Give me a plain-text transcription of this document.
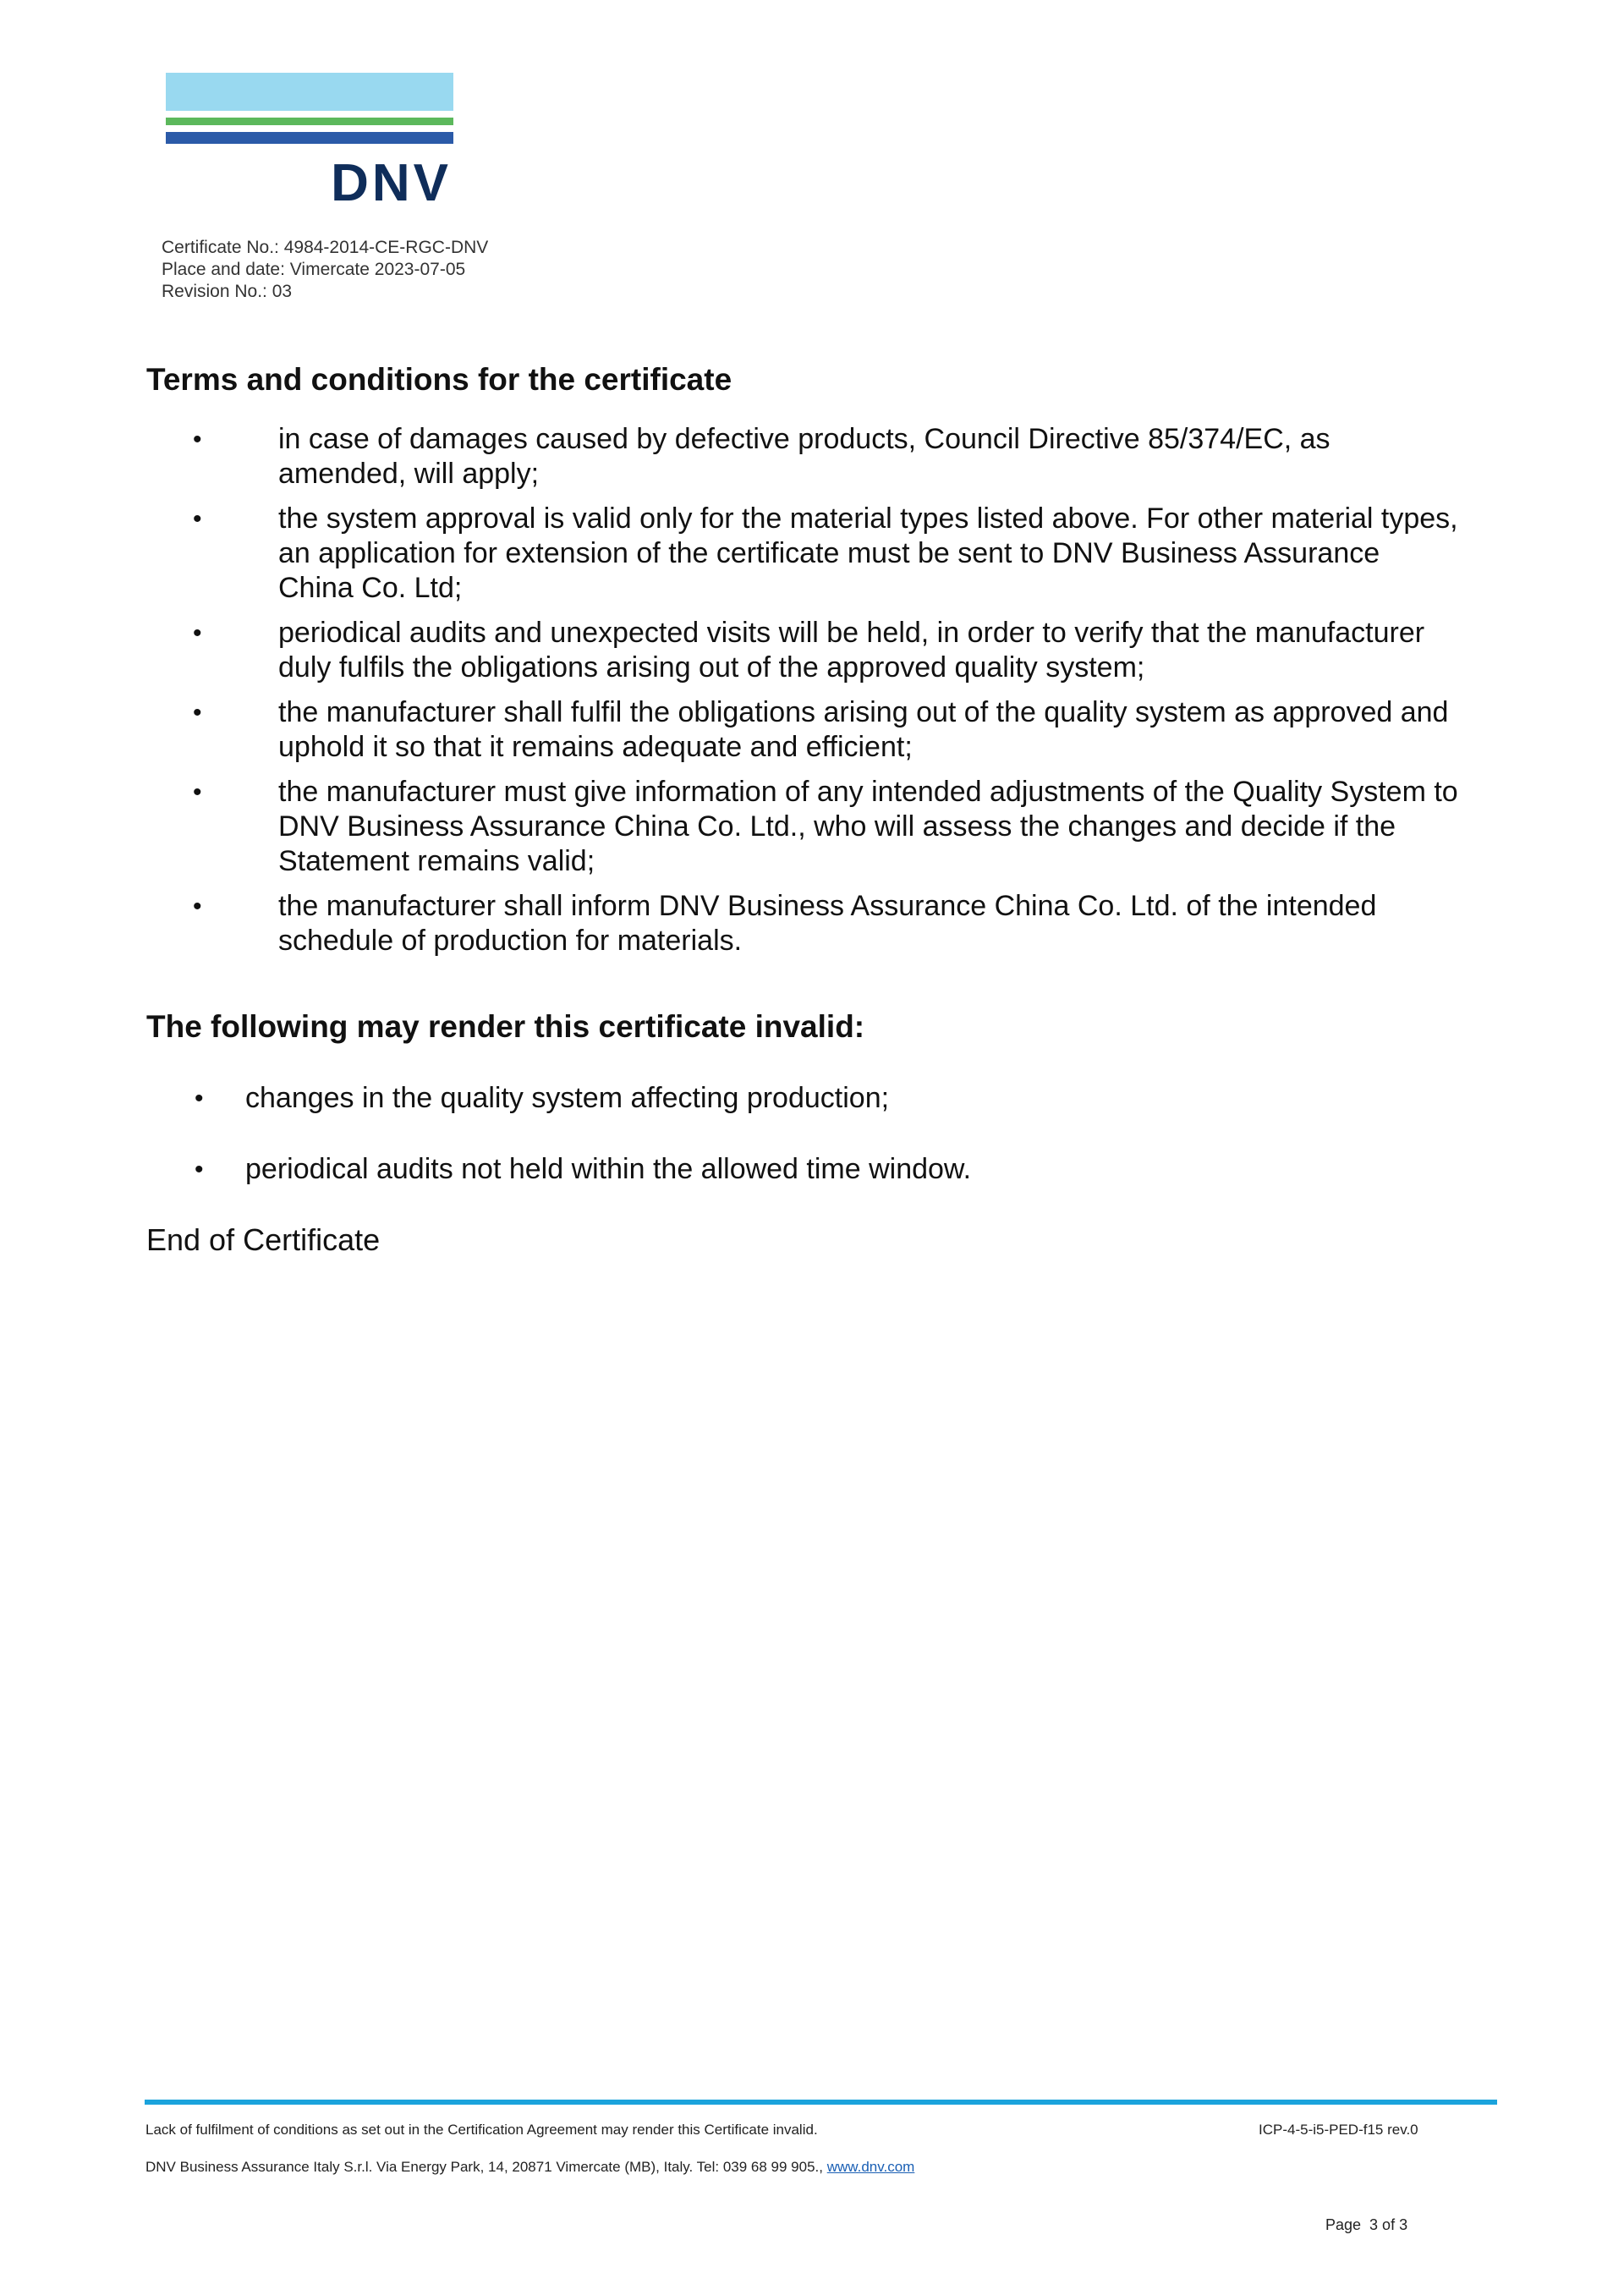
DNV
Certificate No.: 4984-2014-CE-RGC-DNV
Place and date: Vimercate 2023-07-05
Revision No.: 03
Terms and conditions for the certificate
•	in case of damages caused by defective products, Council Directive 85/374/EC, as amended, will apply;
•	the system approval is valid only for the material types listed above. For other material types, an application for extension of the certificate must be sent to DNV Business Assurance China Co. Ltd;
•	periodical audits and unexpected visits will be held, in order to verify that the manufacturer duly fulfils the obligations arising out of the approved quality system;
•	the manufacturer shall fulfil the obligations arising out of the quality system as approved and uphold it so that it remains adequate and efficient;
•	the manufacturer must give information of any intended adjustments of the Quality System to DNV Business Assurance China Co. Ltd., who will assess the changes and decide if the Statement remains valid;
•	the manufacturer shall inform DNV Business Assurance China Co. Ltd. of the intended schedule of production for materials.
The following may render this certificate invalid:
• changes in the quality system affecting production;
• periodical audits not held within the allowed time window.
End of Certificate
Lack of fulfilment of conditions as set out in the Certification Agreement may render this Certificate invalid.	ICP-4-5-i5-PED-f15 rev.0
DNV Business Assurance Italy S.r.l. Via Energy Park, 14, 20871 Vimercate (MB), Italy. Tel: 039 68 99 905., www.dnv.com
Page 3 of 3
